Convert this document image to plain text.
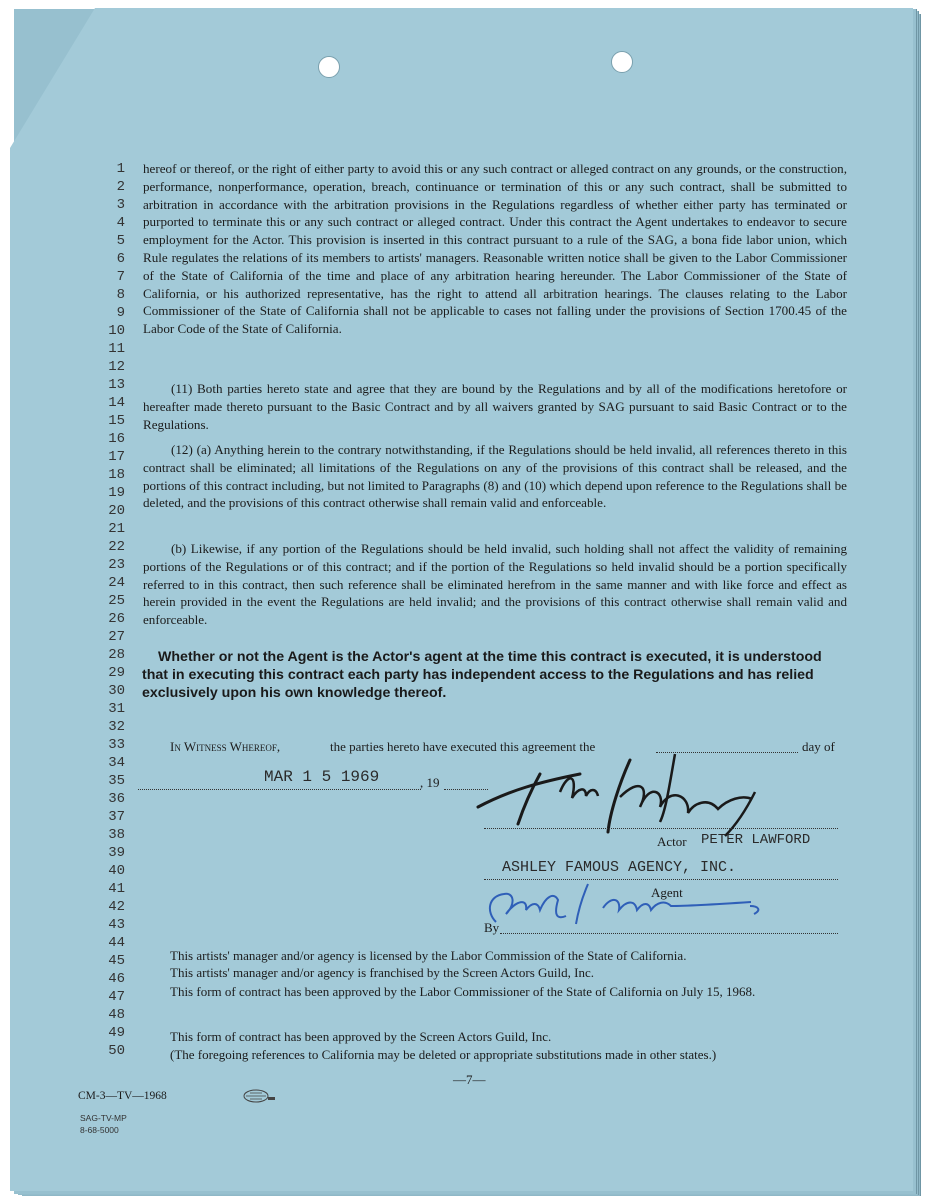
1
2
3
4
5
6
7
8
9
10
11
12
13
14
15
16
17
18
19
20
21
22
23
24
25
26
27
28
29
30
31
32
33
34
35
36
37
38
39
40
41
42
43
44
45
46
47
48
49
50
hereof or thereof, or the right of either party to avoid this or any such contract or alleged contract on any grounds, or the construction, performance, nonperformance, operation, breach, continuance or termination of this or any such contract, shall be submitted to arbitration in accordance with the arbitration provisions in the Regulations regardless of whether either party has terminated or purported to terminate this or any such contract or alleged contract. Under this contract the Agent undertakes to endeavor to secure employment for the Actor. This provision is inserted in this contract pursuant to a rule of the SAG, a bona fide labor union, which Rule regulates the relations of its members to artists' managers. Reasonable written notice shall be given to the Labor Commissioner of the State of California of the time and place of any arbitration hearing hereunder. The Labor Commissioner of the State of California, or his authorized representative, has the right to attend all arbitration hearings. The clauses relating to the Labor Commissioner of the State of California shall not be applicable to cases not falling under the provisions of Section 1700.45 of the Labor Code of the State of California.
(11) Both parties hereto state and agree that they are bound by the Regulations and by all of the modifications heretofore or hereafter made thereto pursuant to the Basic Contract and by all waivers granted by SAG pursuant to said Basic Contract or to the Regulations.
(12) (a) Anything herein to the contrary notwithstanding, if the Regulations should be held invalid, all references thereto in this contract shall be eliminated; all limitations of the Regulations on any of the provisions of this contract shall be released, and the portions of this contract including, but not limited to Paragraphs (8) and (10) which depend upon reference to the Regulations shall be deleted, and the provisions of this contract otherwise shall remain valid and enforceable.
(b) Likewise, if any portion of the Regulations should be held invalid, such holding shall not affect the validity of remaining portions of the Regulations or of this contract; and if the portion of the Regulations so held invalid should be a portion specifically referred to in this contract, then such reference shall be eliminated herefrom in the same manner and with like force and effect as herein provided in the event the Regulations are held invalid; and the provisions of this contract otherwise shall remain valid and enforceable.
Whether or not the Agent is the Actor's agent at the time this contract is executed, it is understood that in executing this contract each party has independent access to the Regulations and has relied exclusively upon his own knowledge thereof.
In Witness Whereof,	the parties hereto have executed this agreement the	day of
MAR 1 5 1969	, 19
Actor PETER LAWFORD
ASHLEY FAMOUS AGENCY, INC.
Agent
By
This artists' manager and/or agency is licensed by the Labor Commission of the State of California.
This artists' manager and/or agency is franchised by the Screen Actors Guild, Inc.
This form of contract has been approved by the Labor Commissioner of the State of California on July 15, 1968.
This form of contract has been approved by the Screen Actors Guild, Inc.
(The foregoing references to California may be deleted or appropriate substitutions made in other states.)
—7—
CM-3—TV—1968
SAG-TV-MP
8-68-5000
